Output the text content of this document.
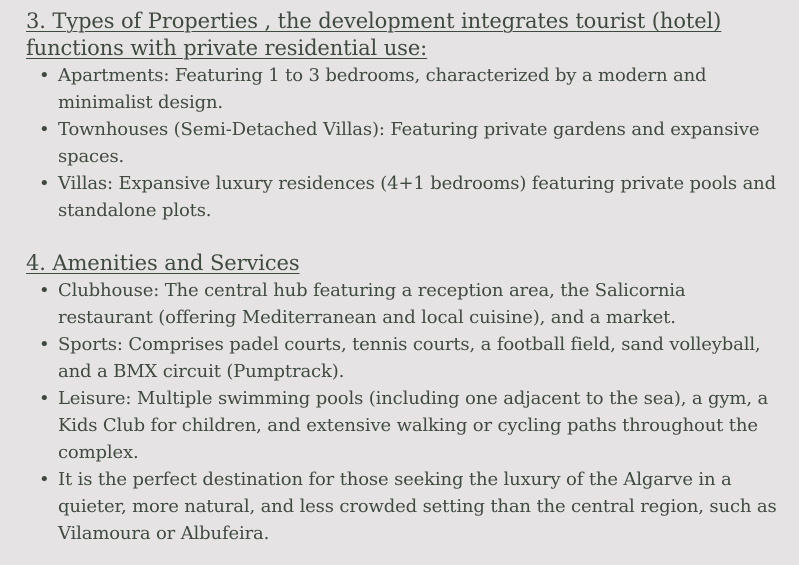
3. Types of Properties , the development integrates tourist (hotel) functions with private residential use:
• Apartments: Featuring 1 to 3 bedrooms, characterized by a modern and minimalist design.
• Townhouses (Semi-Detached Villas): Featuring private gardens and expansive spaces.
• Villas: Expansive luxury residences (4+1 bedrooms) featuring private pools and standalone plots.
4. Amenities and Services
• Clubhouse: The central hub featuring a reception area, the Salicornia restaurant (offering Mediterranean and local cuisine), and a market.
• Sports: Comprises padel courts, tennis courts, a football field, sand volleyball, and a BMX circuit (Pumptrack).
• Leisure: Multiple swimming pools (including one adjacent to the sea), a gym, a Kids Club for children, and extensive walking or cycling paths throughout the complex.
• It is the perfect destination for those seeking the luxury of the Algarve in a quieter, more natural, and less crowded setting than the central region, such as Vilamoura or Albufeira.
